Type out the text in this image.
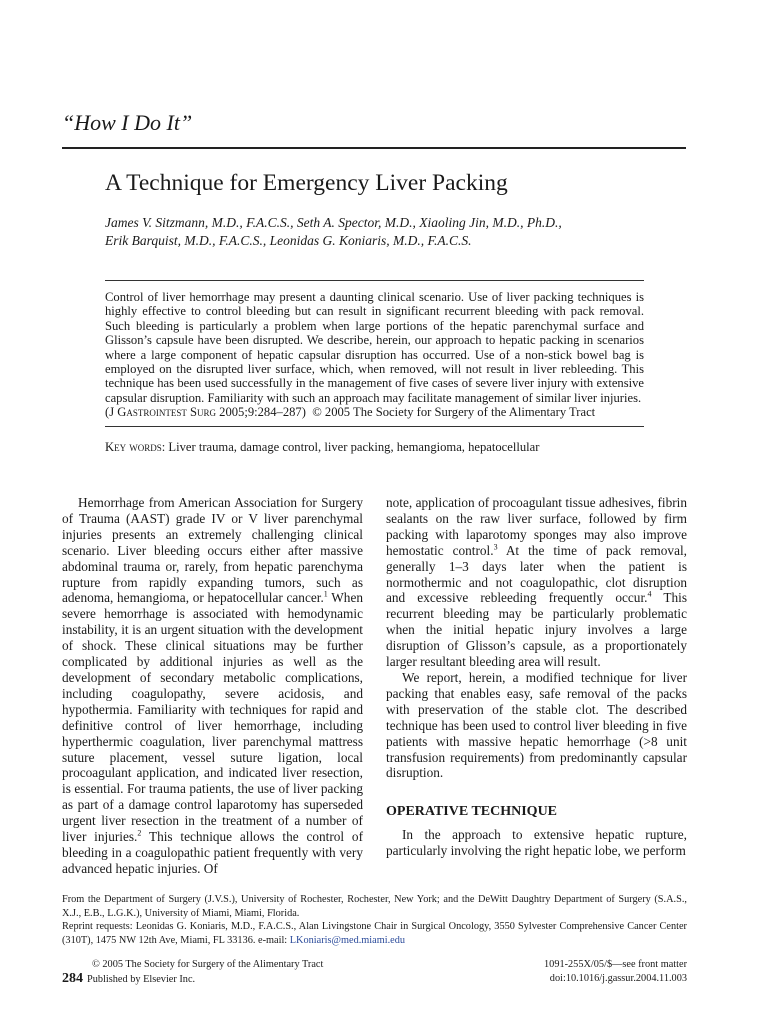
“How I Do It”
A Technique for Emergency Liver Packing
James V. Sitzmann, M.D., F.A.C.S., Seth A. Spector, M.D., Xiaoling Jin, M.D., Ph.D.,
Erik Barquist, M.D., F.A.C.S., Leonidas G. Koniaris, M.D., F.A.C.S.
Control of liver hemorrhage may present a daunting clinical scenario. Use of liver packing techniques is highly effective to control bleeding but can result in significant recurrent bleeding with pack removal. Such bleeding is particularly a problem when large portions of the hepatic parenchymal surface and Glisson’s capsule have been disrupted. We describe, herein, our approach to hepatic packing in scenarios where a large component of hepatic capsular disruption has occurred. Use of a non-stick bowel bag is employed on the disrupted liver surface, which, when removed, will not result in liver rebleeding. This technique has been used successfully in the management of five cases of severe liver injury with extensive capsular disruption. Familiarity with such an approach may facilitate management of similar liver injuries.
(J Gastrointest Surg 2005;9:284–287) © 2005 The Society for Surgery of the Alimentary Tract
Key words: Liver trauma, damage control, liver packing, hemangioma, hepatocellular

Hemorrhage from American Association for Surgery of Trauma (AAST) grade IV or V liver parenchymal injuries presents an extremely challenging clinical scenario. Liver bleeding occurs either after massive abdominal trauma or, rarely, from hepatic parenchyma rupture from rapidly expanding tumors, such as adenoma, hemangioma, or hepatocellular cancer.$^1$ When severe hemorrhage is associated with hemodynamic instability, it is an urgent situation with the development of shock. These clinical situations may be further complicated by additional injuries as well as the development of secondary metabolic complications, including coagulopathy, severe acidosis, and hypothermia. Familiarity with techniques for rapid and definitive control of liver hemorrhage, including hyperthermic coagulation, liver parenchymal mattress suture placement, vessel suture ligation, local procoagulant application, and indicated liver resection, is essential. For trauma patients, the use of liver packing as part of a damage control laparotomy has superseded urgent liver resection in the treatment of a number of liver injuries.$^2$ This technique allows the control of bleeding in a coagulopathic patient frequently with very advanced hepatic injuries. Of

note, application of procoagulant tissue adhesives, fibrin sealants on the raw liver surface, followed by firm packing with laparotomy sponges may also improve hemostatic control.$^3$ At the time of pack removal, generally 1–3 days later when the patient is normothermic and not coagulopathic, clot disruption and excessive rebleeding frequently occur.$^4$ This recurrent bleeding may be particularly problematic when the initial hepatic injury involves a large disruption of Glisson’s capsule, as a proportionately larger resultant bleeding area will result.

We report, herein, a modified technique for liver packing that enables easy, safe removal of the packs with preservation of the stable clot. The described technique has been used to control liver bleeding in five patients with massive hepatic hemorrhage (>8 unit transfusion requirements) from predominantly capsular disruption.

OPERATIVE TECHNIQUE

In the approach to extensive hepatic rupture, particularly involving the right hepatic lobe, we perform

From the Department of Surgery (J.V.S.), University of Rochester, Rochester, New York; and the DeWitt Daughtry Department of Surgery (S.A.S., X.J., E.B., L.G.K.), University of Miami, Miami, Florida.
Reprint requests: Leonidas G. Koniaris, M.D., F.A.C.S., Alan Livingstone Chair in Surgical Oncology, 3550 Sylvester Comprehensive Cancer Center (310T), 1475 NW 12th Ave, Miami, FL 33136. e-mail: LKoniaris@med.miami.edu
© 2005 The Society for Surgery of the Alimentary Tract
284 Published by Elsevier Inc.
1091-255X/05/$—see front matter
doi:10.1016/j.gassur.2004.11.003
